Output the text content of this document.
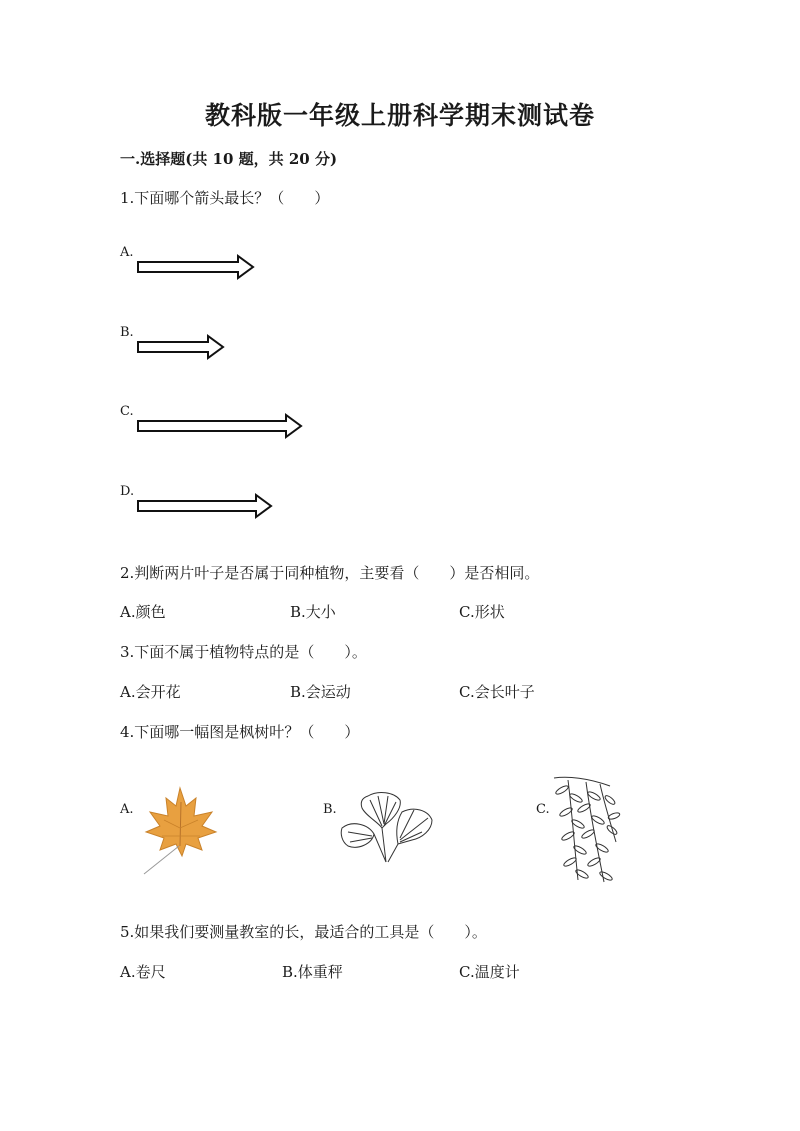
教科版一年级上册科学期末测试卷
一.选择题(共 10 题，共 20 分)
1.下面哪个箭头最长？（　　）
A.
B.
C.
D.
2.判断两片叶子是否属于同种植物，主要看（　　）是否相同。
A.颜色	B.大小	C.形状
3.下面不属于植物特点的是（　　）。
A.会开花	B.会运动	C.会长叶子
4.下面哪一幅图是枫树叶？（　　）
A.	B.	C.
5.如果我们要测量教室的长，最适合的工具是（　　）。
A.卷尺	B.体重秤	C.温度计
